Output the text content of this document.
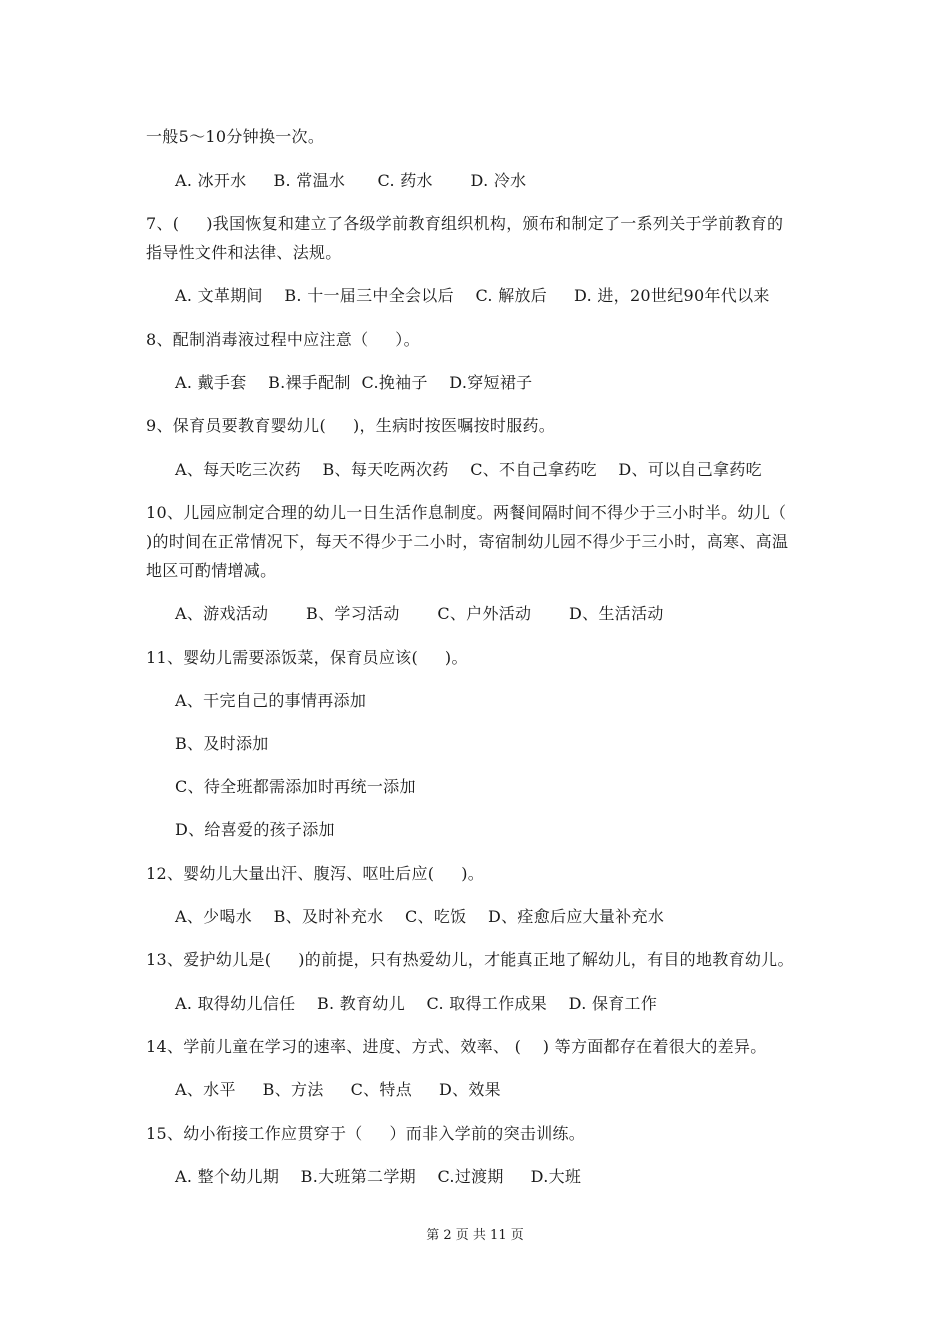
一般5～10分钟换一次。
A. 冰开水     B. 常温水      C. 药水       D. 冷水
7、(     )我国恢复和建立了各级学前教育组织机构，颁布和制定了一系列关于学前教育的
指导性文件和法律、法规。
A. 文革期间    B. 十一届三中全会以后    C. 解放后     D. 进，20世纪90年代以来
8、配制消毒液过程中应注意（     ）。
A. 戴手套    B.裸手配制  C.挽袖子    D.穿短裙子
9、保育员要教育婴幼儿(     )，生病时按医嘱按时服药。
A、每天吃三次药    B、每天吃两次药    C、不自己拿药吃    D、可以自己拿药吃
10、儿园应制定合理的幼儿一日生活作息制度。两餐间隔时间不得少于三小时半。幼儿（
)的时间在正常情况下，每天不得少于二小时，寄宿制幼儿园不得少于三小时，高寒、高温
地区可酌情增减。
A、游戏活动       B、学习活动       C、户外活动       D、生活活动
11、婴幼儿需要添饭菜，保育员应该(     )。
A、干完自己的事情再添加
B、及时添加
C、待全班都需添加时再统一添加
D、给喜爱的孩子添加
12、婴幼儿大量出汗、腹泻、呕吐后应(     )。
A、少喝水    B、及时补充水    C、吃饭    D、痊愈后应大量补充水
13、爱护幼儿是(     )的前提，只有热爱幼儿，才能真正地了解幼儿，有目的地教育幼儿。
A. 取得幼儿信任    B. 教育幼儿    C. 取得工作成果    D. 保育工作
14、学前儿童在学习的速率、进度、方式、效率、 (    ) 等方面都存在着很大的差异。
A、水平     B、方法     C、特点     D、效果
15、幼小衔接工作应贯穿于（     ）而非入学前的突击训练。
A. 整个幼儿期    B.大班第二学期    C.过渡期     D.大班
第 2 页 共 11 页
